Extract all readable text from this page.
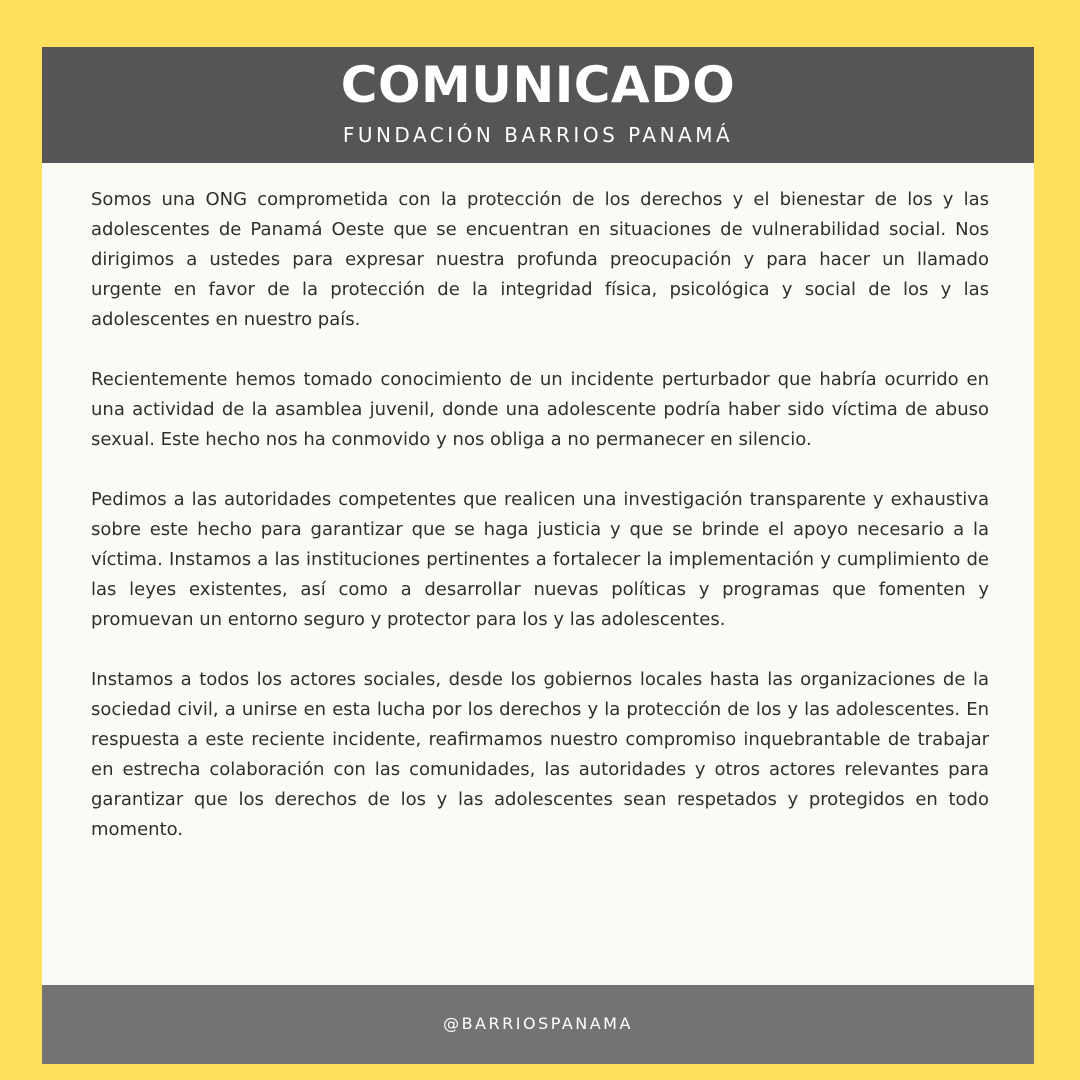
COMUNICADO
FUNDACIÓN BARRIOS PANAMÁ

Somos una ONG comprometida con la protección de los derechos y el bienestar de los y las adolescentes de Panamá Oeste que se encuentran en situaciones de vulnerabilidad social. Nos dirigimos a ustedes para expresar nuestra profunda preocupación y para hacer un llamado urgente en favor de la protección de la integridad física, psicológica y social de los y las adolescentes en nuestro país.

Recientemente hemos tomado conocimiento de un incidente perturbador que habría ocurrido en una actividad de la asamblea juvenil, donde una adolescente podría haber sido víctima de abuso sexual. Este hecho nos ha conmovido y nos obliga a no permanecer en silencio.

Pedimos a las autoridades competentes que realicen una investigación transparente y exhaustiva sobre este hecho para garantizar que se haga justicia y que se brinde el apoyo necesario a la víctima. Instamos a las instituciones pertinentes a fortalecer la implementación y cumplimiento de las leyes existentes, así como a desarrollar nuevas políticas y programas que fomenten y promuevan un entorno seguro y protector para los y las adolescentes.

Instamos a todos los actores sociales, desde los gobiernos locales hasta las organizaciones de la sociedad civil, a unirse en esta lucha por los derechos y la protección de los y las adolescentes. En respuesta a este reciente incidente, reafirmamos nuestro compromiso inquebrantable de trabajar en estrecha colaboración con las comunidades, las autoridades y otros actores relevantes para garantizar que los derechos de los y las adolescentes sean respetados y protegidos en todo momento.

@BARRIOSPANAMA
